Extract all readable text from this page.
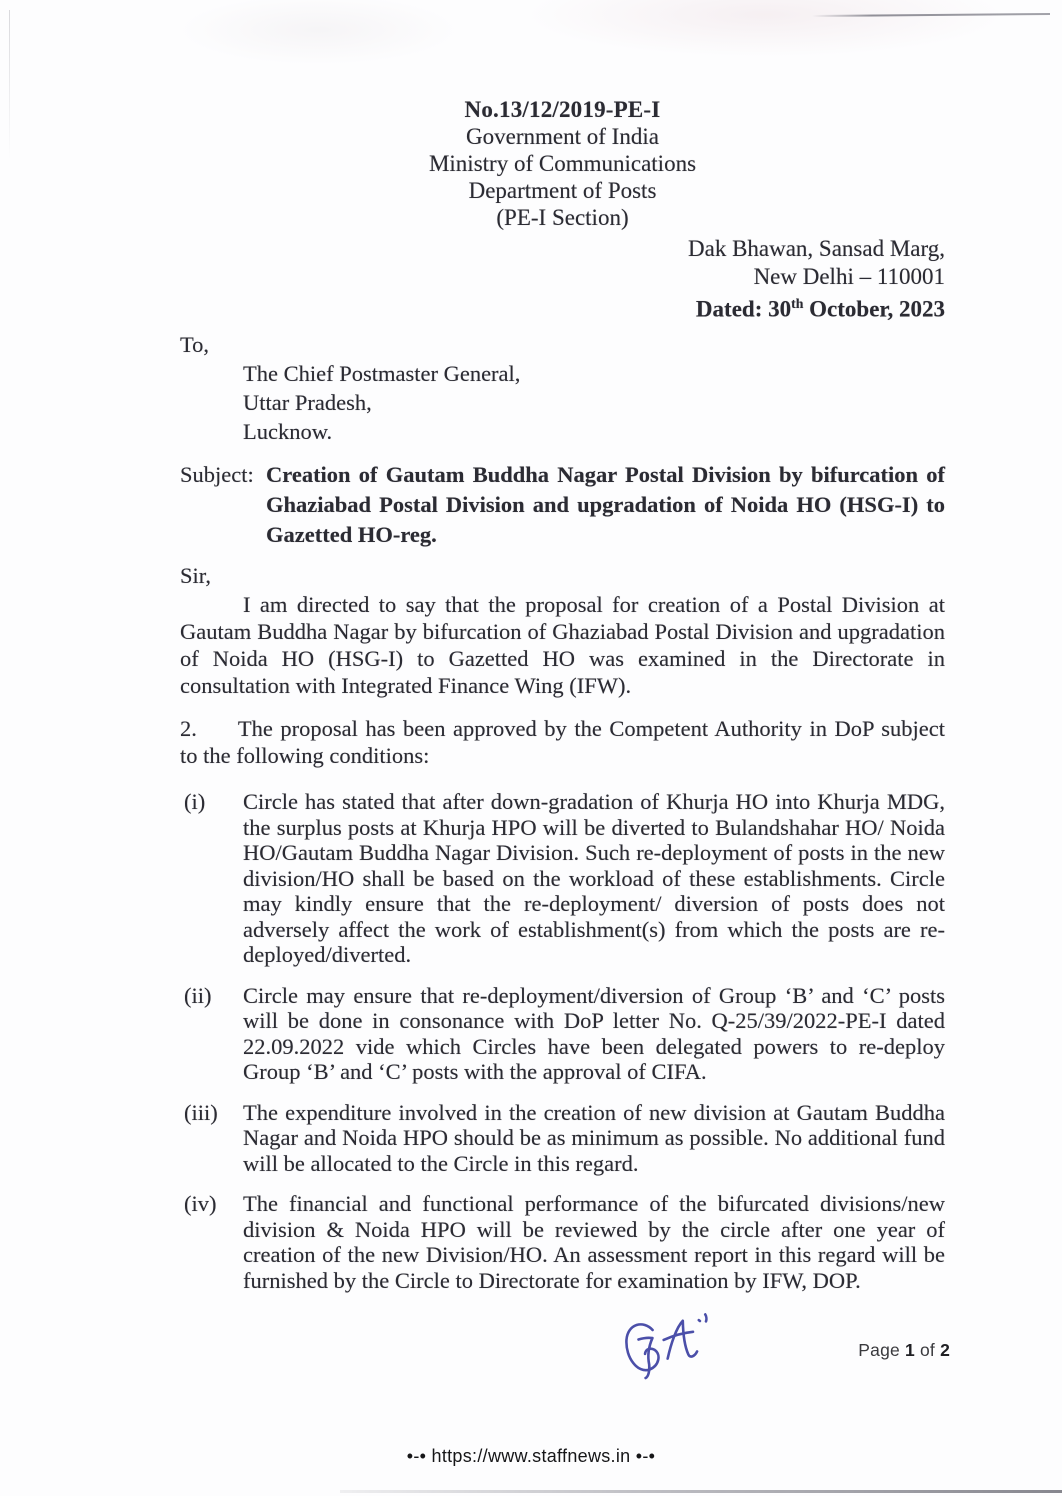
No.13/12/2019-PE-I
Government of India
Ministry of Communications
Department of Posts
(PE-I Section)
Dak Bhawan, Sansad Marg,
New Delhi – 110001
Dated: 30th October, 2023
To,
The Chief Postmaster General,
Uttar Pradesh,
Lucknow.
Subject: Creation of Gautam Buddha Nagar Postal Division by bifurcation of Ghaziabad Postal Division and upgradation of Noida HO (HSG-I) to Gazetted HO-reg.
Sir,

I am directed to say that the proposal for creation of a Postal Division at Gautam Buddha Nagar by bifurcation of Ghaziabad Postal Division and upgradation of Noida HO (HSG-I) to Gazetted HO was examined in the Directorate in consultation with Integrated Finance Wing (IFW).

2. The proposal has been approved by the Competent Authority in DoP subject to the following conditions:

(i)	Circle has stated that after down-gradation of Khurja HO into Khurja MDG, the surplus posts at Khurja HPO will be diverted to Bulandshahar HO/ Noida HO/Gautam Buddha Nagar Division. Such re-deployment of posts in the new division/HO shall be based on the workload of these establishments. Circle may kindly ensure that the re-deployment/ diversion of posts does not adversely affect the work of establishment(s) from which the posts are re-deployed/diverted.
(ii)	Circle may ensure that re-deployment/diversion of Group ‘B’ and ‘C’ posts will be done in consonance with DoP letter No. Q-25/39/2022-PE-I dated 22.09.2022 vide which Circles have been delegated powers to re-deploy Group ‘B’ and ‘C’ posts with the approval of CIFA.
(iii)	The expenditure involved in the creation of new division at Gautam Buddha Nagar and Noida HPO should be as minimum as possible. No additional fund will be allocated to the Circle in this regard.
(iv)	The financial and functional performance of the bifurcated divisions/new division & Noida HPO will be reviewed by the circle after one year of creation of the new Division/HO. An assessment report in this regard will be furnished by the Circle to Directorate for examination by IFW, DOP.
Page 1 of 2
•-• https://www.staffnews.in •-•
